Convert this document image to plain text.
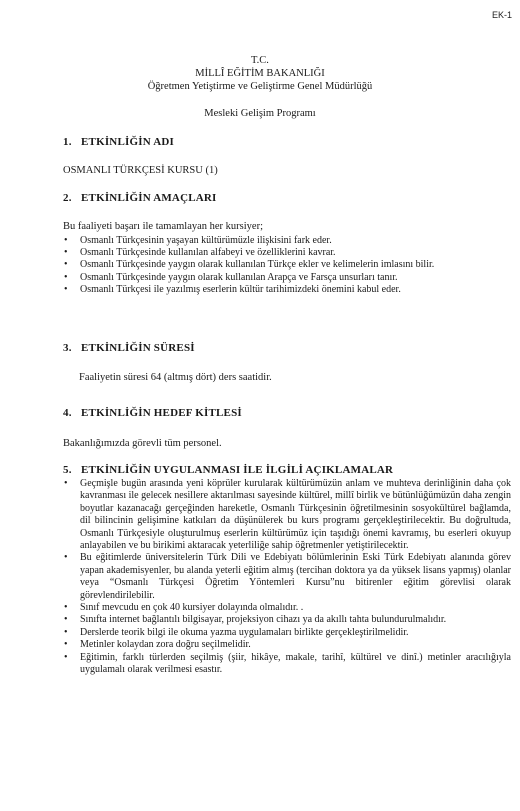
EK-1
T.C.
MİLLÎ EĞİTİM BAKANLIĞI
Öğretmen Yetiştirme ve Geliştirme Genel Müdürlüğü
Mesleki Gelişim Programı
1. ETKİNLİĞİN ADI
OSMANLI TÜRKÇESİ KURSU (1)
2. ETKİNLİĞİN AMAÇLARI
Bu faaliyeti başarı ile tamamlayan her kursiyer;
• Osmanlı Türkçesinin yaşayan kültürümüzle ilişkisini fark eder.
• Osmanlı Türkçesinde kullanılan alfabeyi ve özelliklerini kavrar.
• Osmanlı Türkçesinde yaygın olarak kullanılan Türkçe ekler ve kelimelerin imlasını bilir.
• Osmanlı Türkçesinde yaygın olarak kullanılan Arapça ve Farsça unsurları tanır.
• Osmanlı Türkçesi ile yazılmış eserlerin kültür tarihimizdeki önemini kabul eder.
3. ETKİNLİĞİN SÜRESİ
Faaliyetin süresi 64 (altmış dört) ders saatidir.
4. ETKİNLİĞİN HEDEF KİTLESİ
Bakanlığımızda görevli tüm personel.
5. ETKİNLİĞİN UYGULANMASI İLE İLGİLİ AÇIKLAMALAR
• Geçmişle bugün arasında yeni köprüler kurularak kültürümüzün anlam ve muhteva derinliğinin daha çok kavranması ile gelecek nesillere aktarılması sayesinde kültürel, millî birlik ve bütünlüğümüzün daha zengin boyutlar kazanacağı gerçeğinden hareketle, Osmanlı Türkçesinin öğretilmesinin sosyokültürel bağlamda, dil bilincinin gelişimine katkıları da düşünülerek bu kurs programı gerçekleştirilecektir. Bu doğrultuda, Osmanlı Türkçesiyle oluşturulmuş eserlerin kültürümüz için taşıdığı önemi kavramış, bu eserleri okuyup anlayabilen ve bu birikimi aktaracak yeterliliğe sahip öğretmenler yetiştirilecektir.
• Bu eğitimlerde üniversitelerin Türk Dili ve Edebiyatı bölümlerinin Eski Türk Edebiyatı alanında görev yapan akademisyenler, bu alanda yeterli eğitim almış (tercihan doktora ya da yüksek lisans yapmış) olanlar veya “Osmanlı Türkçesi Öğretim Yöntemleri Kursu”nu bitirenler eğitim görevlisi olarak görevlendirilebilir.
• Sınıf mevcudu en çok 40 kursiyer dolayında olmalıdır. .
• Sınıfta internet bağlantılı bilgisayar, projeksiyon cihazı ya da akıllı tahta bulundurulmalıdır.
• Derslerde teorik bilgi ile okuma yazma uygulamaları birlikte gerçekleştirilmelidir.
• Metinler kolaydan zora doğru seçilmelidir.
• Eğitimin, farklı türlerden seçilmiş (şiir, hikâye, makale, tarihî, kültürel ve dinî.) metinler aracılığıyla uygulamalı olarak verilmesi esastır.
